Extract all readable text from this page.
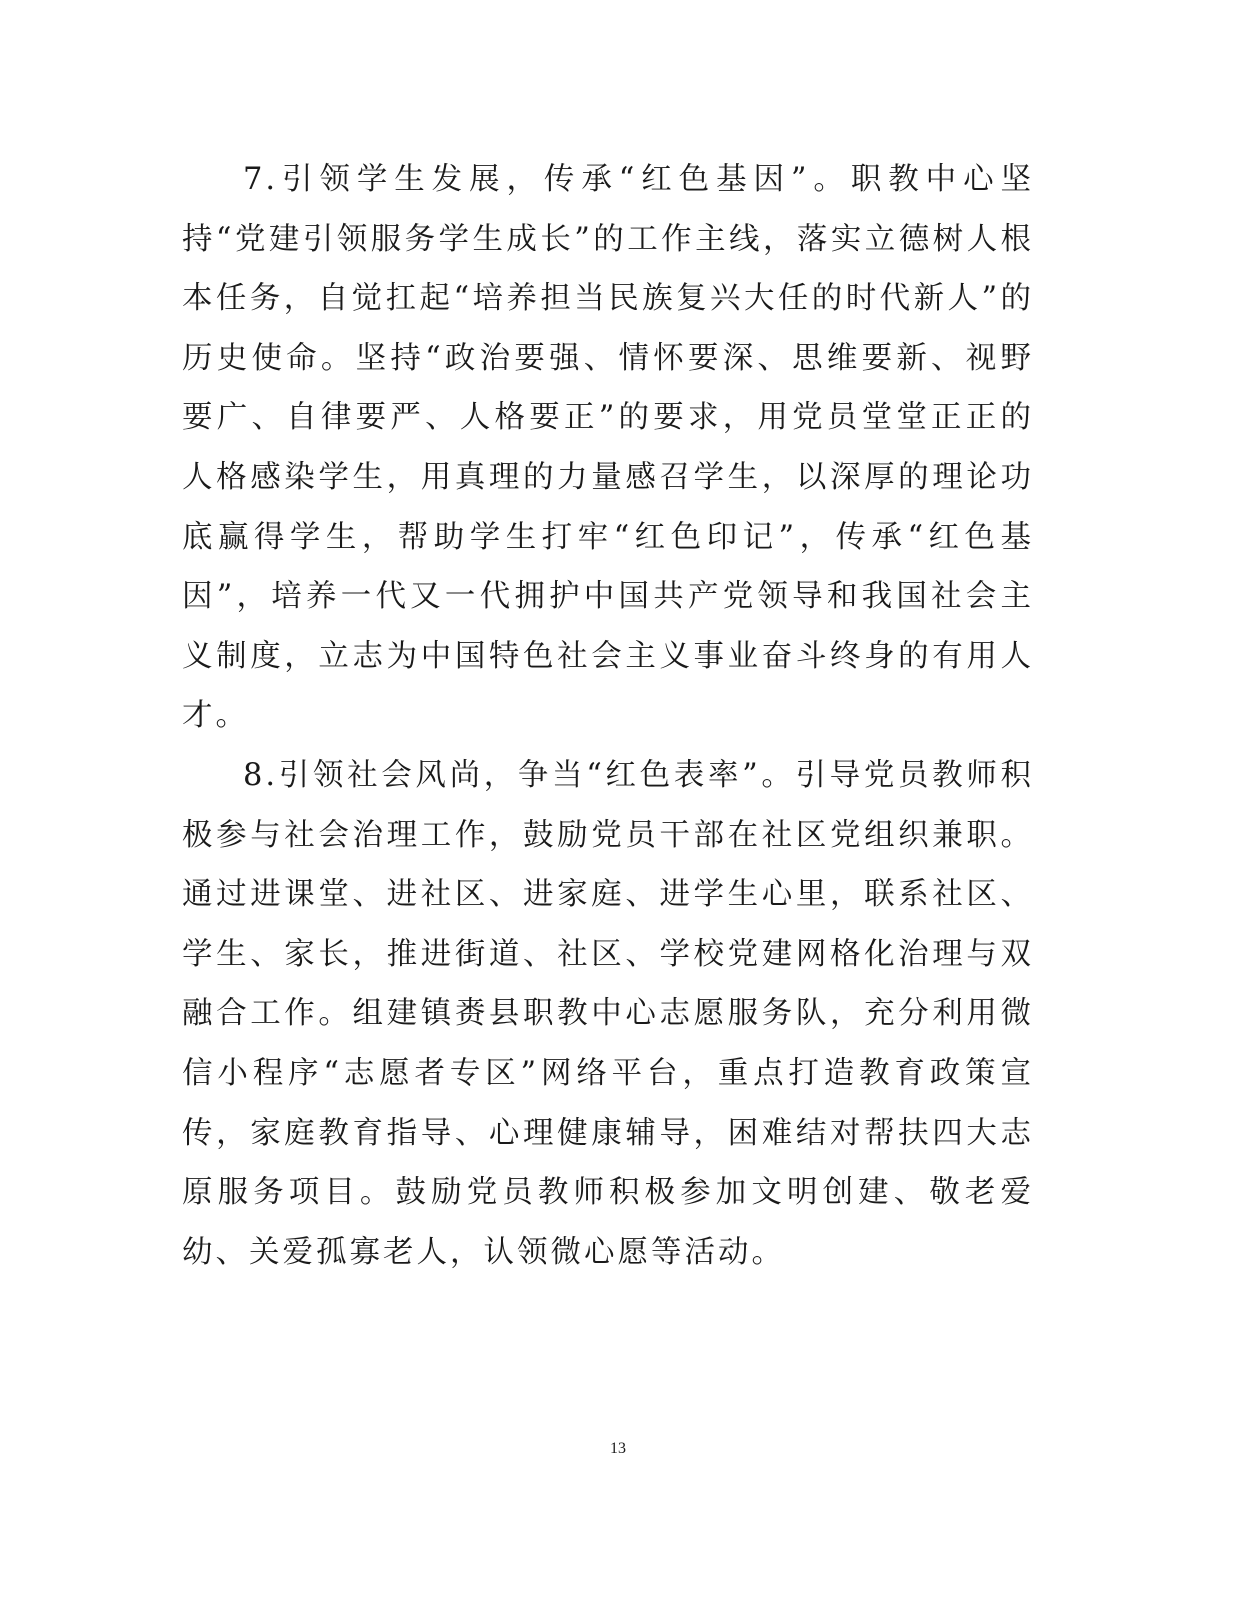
7.引领学生发展，传承“红色基因”。职教中心坚持“党建引领服务学生成长”的工作主线，落实立德树人根本任务，自觉扛起“培养担当民族复兴大任的时代新人”的历史使命。坚持“政治要强、情怀要深、思维要新、视野要广、自律要严、人格要正”的要求，用党员堂堂正正的人格感染学生，用真理的力量感召学生，以深厚的理论功底赢得学生，帮助学生打牢“红色印记”，传承“红色基因”，培养一代又一代拥护中国共产党领导和我国社会主义制度，立志为中国特色社会主义事业奋斗终身的有用人才。

8.引领社会风尚，争当“红色表率”。引导党员教师积极参与社会治理工作，鼓励党员干部在社区党组织兼职。通过进课堂、进社区、进家庭、进学生心里，联系社区、学生、家长，推进街道、社区、学校党建网格化治理与双融合工作。组建镇赉县职教中心志愿服务队，充分利用微信小程序“志愿者专区”网络平台，重点打造教育政策宣传，家庭教育指导、心理健康辅导，困难结对帮扶四大志原服务项目。鼓励党员教师积极参加文明创建、敬老爱幼、关爱孤寡老人，认领微心愿等活动。

13
